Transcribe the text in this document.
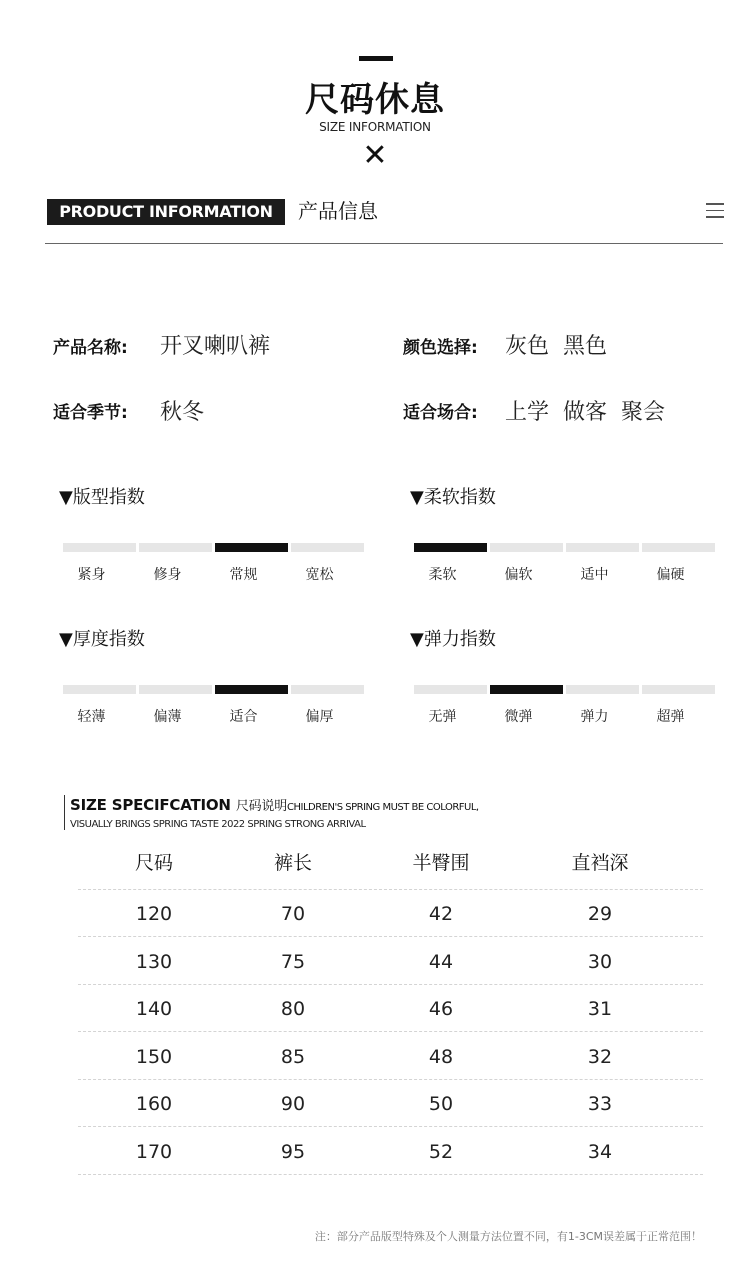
尺码休息
SIZE INFORMATION
✕
PRODUCT INFORMATION	产品信息
产品名称: 开叉喇叭裤	颜色选择: 灰色  黑色
适合季节: 秋冬	适合场合: 上学  做客  聚会
▼版型指数
紧身	修身	常规	宽松
▼柔软指数
柔软	偏软	适中	偏硬
▼厚度指数
轻薄	偏薄	适合	偏厚
▼弹力指数
无弹	微弹	弹力	超弹
SIZE SPECIFCATION 尺码说明CHILDREN'S SPRING MUST BE COLORFUL,
VISUALLY BRINGS SPRING TASTE 2022 SPRING STRONG ARRIVAL
尺码	裤长	半臀围	直裆深
120	70	42	29
130	75	44	30
140	80	46	31
150	85	48	32
160	90	50	33
170	95	52	34
注：部分产品版型特殊及个人测量方法位置不同，有1-3CM误差属于正常范围！
